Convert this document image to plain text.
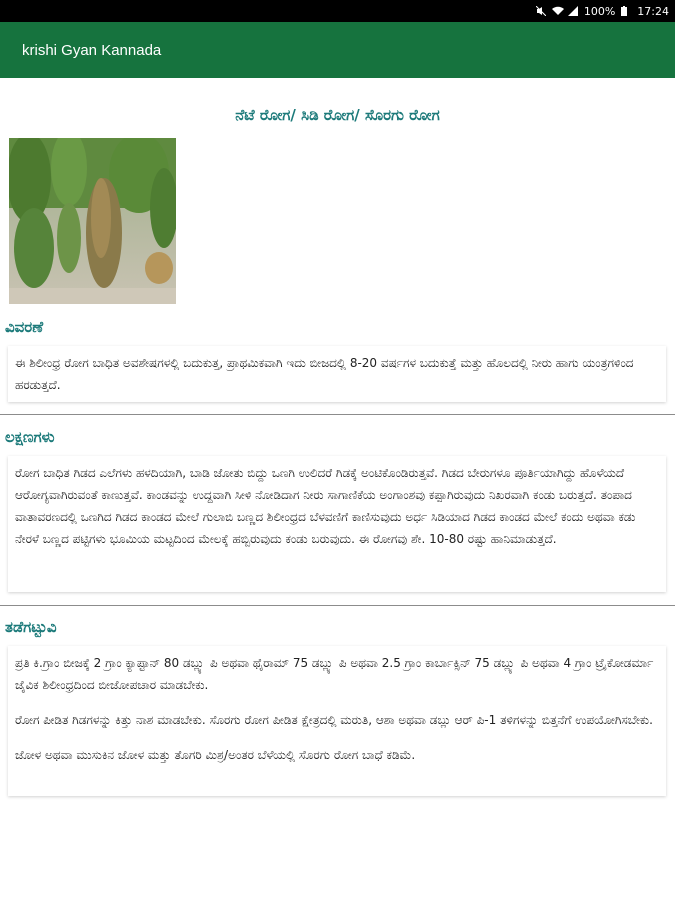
100% 17:24
krishi Gyan Kannada
ನೆಟೆ ರೋಗ/ ಸಿಡಿ ರೋಗ/ ಸೊರಗು ರೋಗ
ವಿವರಣೆ

ಈ ಶಿಲೀಂಧ್ರ ರೋಗ ಬಾಧಿತ ಅವಶೇಷಗಳಲ್ಲಿ ಬದುಕುತ್ತ, ಪ್ರಾಥಮಿಕವಾಗಿ ಇದು ಬೀಜದಲ್ಲಿ 8-20 ವರ್ಷಗಳ ಬದುಕುತ್ತೆ ಮತ್ತು ಹೊಲದಲ್ಲಿ ನೀರು ಹಾಗು ಯಂತ್ರಗಳಿಂದ ಹರಡುತ್ತದೆ.

ಲಕ್ಷಣಗಳು

ರೋಗ ಬಾಧಿತ ಗಿಡದ ಎಲೆಗಳು ಹಳದಿಯಾಗಿ, ಬಾಡಿ ಜೋತು ಬಿದ್ದು ಒಣಗಿ ಉಲಿದರೆ ಗಿಡಕ್ಕೆ ಅಂಟಿಕೊಂಡಿರುತ್ತವೆ. ಗಿಡದ ಬೇರುಗಳೂ ಪೂರ್ತಿಯಾಗಿದ್ದು ಹೊಳೆಯದೆ ಆರೋಗ್ಯವಾಗಿರುವಂತೆ ಕಾಣುತ್ತವೆ. ಕಾಂಡವನ್ನು ಉದ್ದವಾಗಿ ಸೀಳಿ ನೋಡಿದಾಗ ನೀರು ಸಾಗಾಣಿಕೆಯ ಅಂಗಾಂಶವು ಕಪ್ಪಾಗಿರುವುದು ನಿಖರವಾಗಿ ಕಂಡು ಬರುತ್ತದೆ. ತಂಪಾದ ವಾತಾವರಣದಲ್ಲಿ ಒಣಗಿದ ಗಿಡದ ಕಾಂಡದ ಮೇಲೆ ಗುಲಾಬಿ ಬಣ್ಣದ ಶಿಲೀಂಧ್ರದ ಬೆಳವಣಿಗೆ ಕಾಣಿಸುವುದು ಅರ್ಧ ಸಿಡಿಯಾದ ಗಿಡದ ಕಾಂಡದ ಮೇಲೆ ಕಂದು ಅಥವಾ ಕಡು ನೇರಳೆ ಬಣ್ಣದ ಪಟ್ಟಿಗಳು ಭೂಮಿಯ ಮಟ್ಟದಿಂದ ಮೇಲಕ್ಕೆ ಹಬ್ಬಿರುವುದು ಕಂಡು ಬರುವುದು. ಈ ರೋಗವು ಶೇ. 10-80 ರಷ್ಟು ಹಾನಿಮಾಡುತ್ತದೆ.

ತಡೆಗಟ್ಟುವಿ

ಪ್ರತಿ ಕಿ.ಗ್ರಾಂ ಬೀಜಕ್ಕೆ 2 ಗ್ರಾಂ ಕ್ಯಾಪ್ಟಾನ್ 80 ಡಬ್ಲ್ಯು ಪಿ ಅಥವಾ ಥೈರಾಮ್ 75 ಡಬ್ಲ್ಯು ಪಿ ಅಥವಾ 2.5 ಗ್ರಾಂ ಕಾರ್ಬಾಕ್ಸಿನ್ 75 ಡಬ್ಲ್ಯು ಪಿ ಅಥವಾ 4 ಗ್ರಾಂ ಟ್ರೈಕೋಡರ್ಮಾ ಜೈವಿಕ ಶಿಲೀಂಧ್ರದಿಂದ ಬೀಜೋಪಚಾರ ಮಾಡಬೇಕು.

ರೋಗ ಪೀಡಿತ ಗಿಡಗಳನ್ನು ಕಿತ್ತು ನಾಶ ಮಾಡಬೇಕು. ಸೊರಗು ರೋಗ ಪೀಡಿತ ಕ್ಷೇತ್ರದಲ್ಲಿ ಮರುತಿ, ಆಶಾ ಅಥವಾ ಡಬ್ಲು ಆರ್ ಪಿ-1 ತಳಿಗಳನ್ನು ಬಿತ್ತನೆಗೆ ಉಪಯೋಗಿಸಬೇಕು.

ಜೋಳ ಅಥವಾ ಮುಸುಕಿನ ಜೋಳ ಮತ್ತು ತೊಗರಿ ಮಿಶ್ರ/ಅಂತರ ಬೆಳೆಯಲ್ಲಿ ಸೊರಗು ರೋಗ ಬಾಧೆ ಕಡಿಮೆ.
